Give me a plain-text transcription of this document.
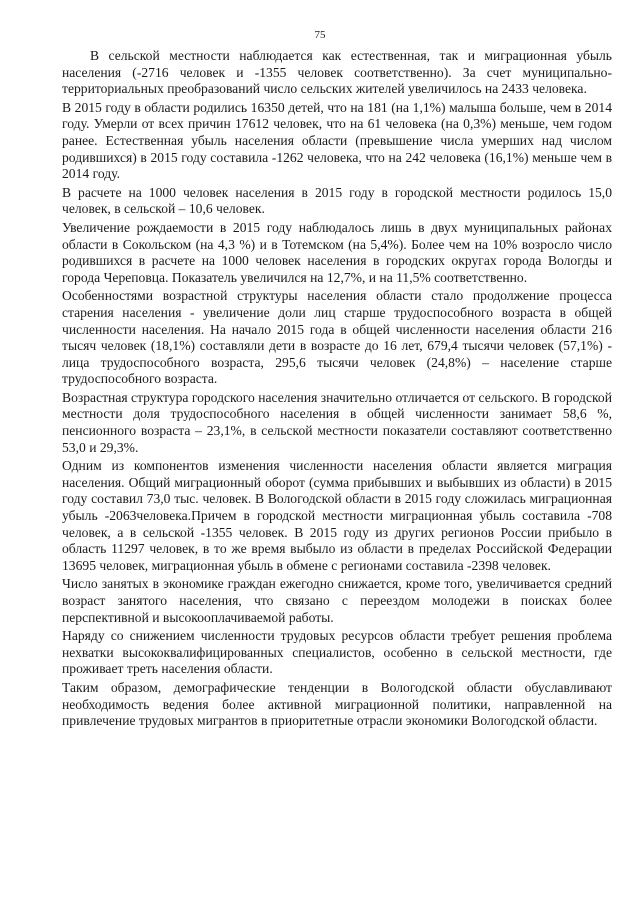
75

В сельской местности наблюдается как естественная, так и миграционная убыль населения (-2716 человек и -1355 человек соответственно). За счет муниципально-территориальных преобразований число сельских жителей увеличилось на 2433 человека.

В 2015 году в области родились 16350 детей, что на 181 (на 1,1%) малыша больше, чем в 2014 году. Умерли от всех причин 17612 человек, что на 61 человека (на 0,3%) меньше, чем годом ранее. Естественная убыль населения области (превышение числа умерших над числом родившихся) в 2015 году составила -1262 человека, что на 242 человека (16,1%) меньше чем в 2014 году.

В расчете на 1000 человек населения в 2015 году в городской местности родилось 15,0 человек, в сельской – 10,6 человек.

Увеличение рождаемости в 2015 году наблюдалось лишь в двух муниципальных районах области в Сокольском (на 4,3 %) и в Тотемском (на 5,4%). Более чем на 10% возросло число родившихся в расчете на 1000 человек населения в городских округах города Вологды и города Череповца. Показатель увеличился на 12,7%, и на 11,5% соответственно.

Особенностями возрастной структуры населения области стало продолжение процесса старения населения - увеличение доли лиц старше трудоспособного возраста в общей численности населения. На начало 2015 года в общей численности населения области 216 тысяч человек (18,1%) составляли дети в возрасте до 16 лет, 679,4 тысячи человек (57,1%) - лица трудоспособного возраста, 295,6 тысячи человек (24,8%) – население старше трудоспособного возраста.

Возрастная структура городского населения значительно отличается от сельского. В городской местности доля трудоспособного населения в общей численности занимает 58,6 %, пенсионного возраста – 23,1%, в сельской местности показатели составляют соответственно 53,0 и 29,3%.

Одним из компонентов изменения численности населения области является миграция населения. Общий миграционный оборот (сумма прибывших и выбывших из области) в 2015 году составил 73,0 тыс. человек. В Вологодской области в 2015 году сложилась миграционная убыль -2063человека.Причем в городской местности миграционная убыль составила -708 человек, а в сельской -1355 человек. В 2015 году из других регионов России прибыло в область 11297 человек, в то же время выбыло из области в пределах Российской Федерации 13695 человек, миграционная убыль в обмене с регионами составила -2398 человек.

Число занятых в экономике граждан ежегодно снижается, кроме того, увеличивается средний возраст занятого населения, что связано с переездом молодежи в поисках более перспективной и высокооплачиваемой работы.

Наряду со снижением численности трудовых ресурсов области требует решения проблема нехватки высококвалифицированных специалистов, особенно в сельской местности, где проживает треть населения области.

Таким образом, демографические тенденции в Вологодской области обуславливают необходимость ведения более активной миграционной политики, направленной на привлечение трудовых мигрантов в приоритетные отрасли экономики Вологодской области.
